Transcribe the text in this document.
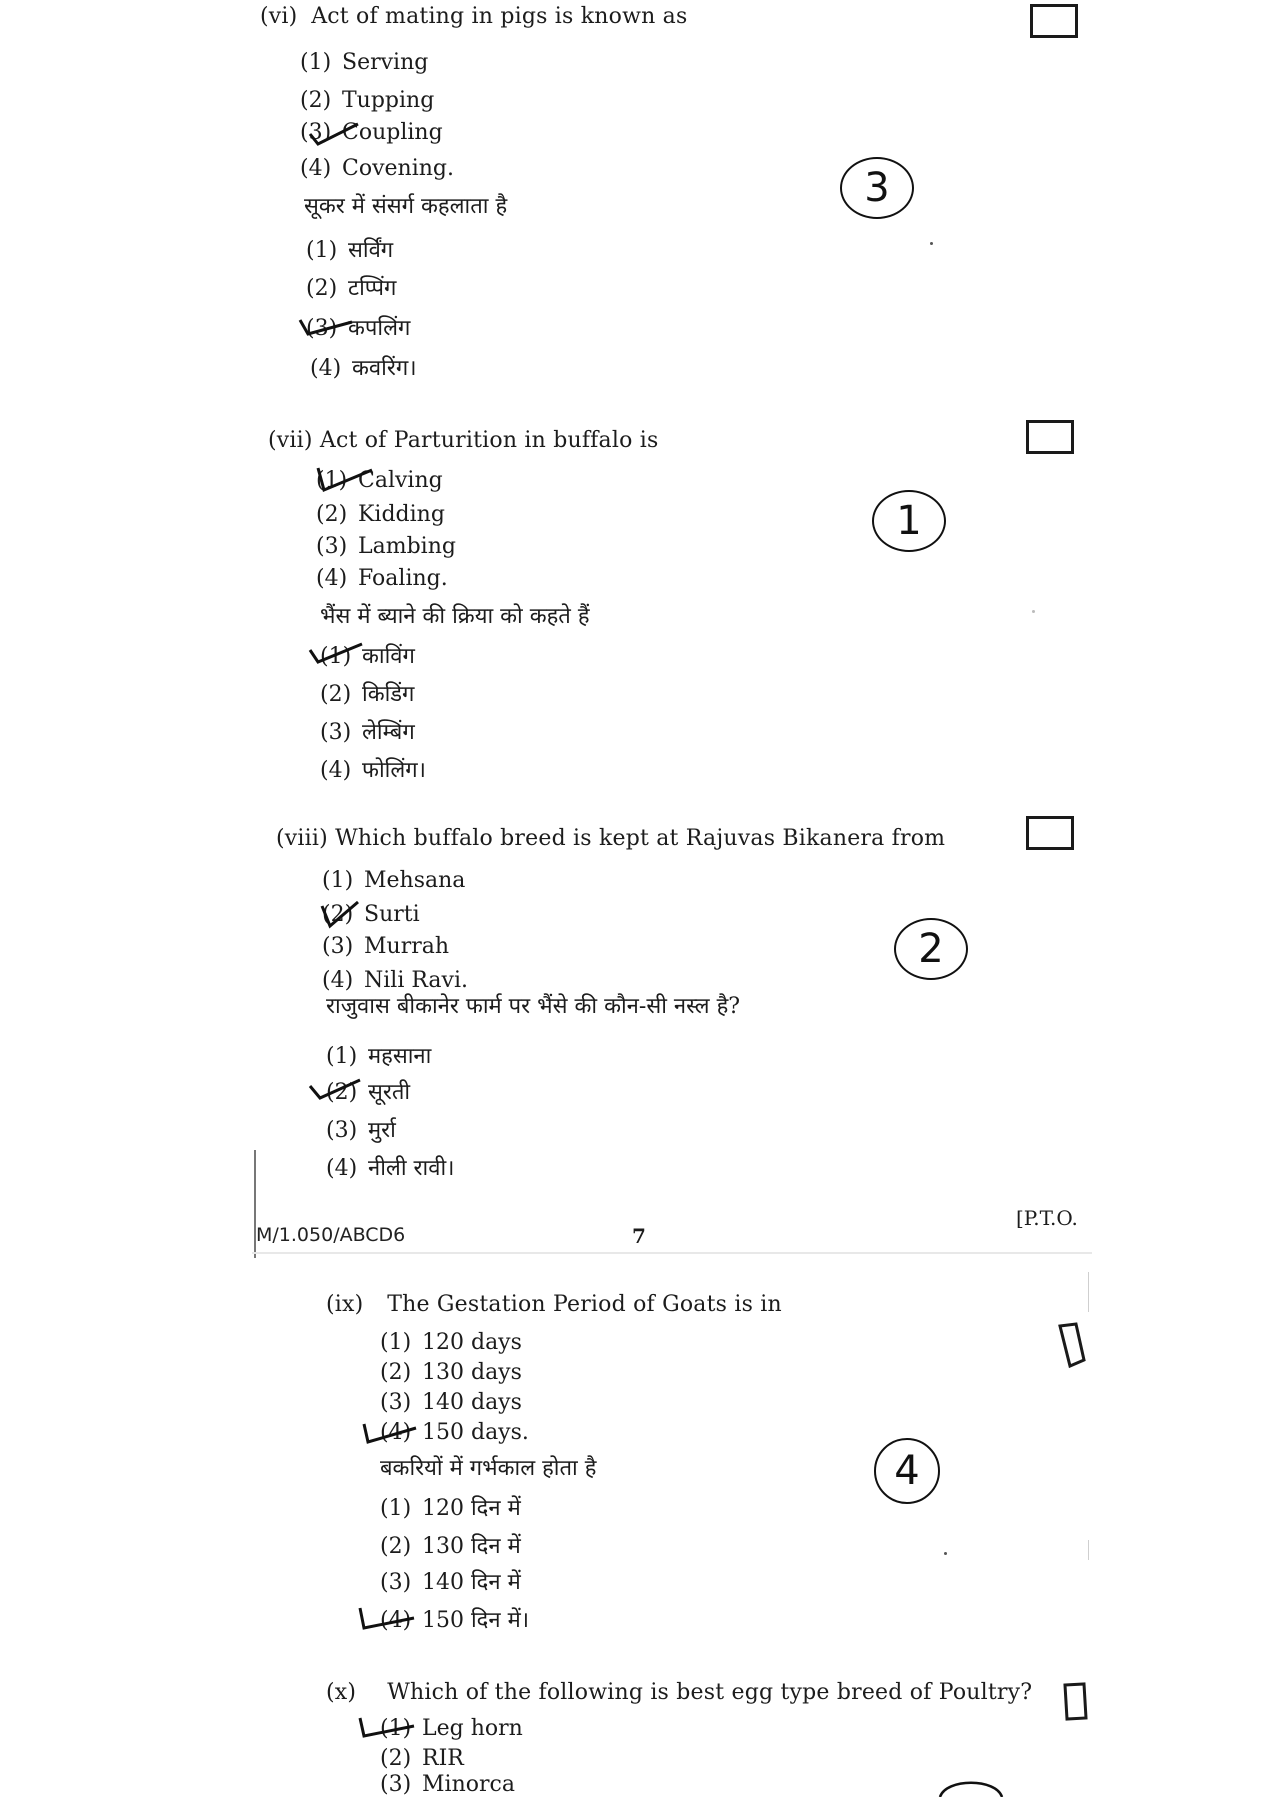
(vi) Act of mating in pigs is known as
(1) Serving
(2) Tupping
(3) Coupling
(4) Covening.
सूकर में संसर्ग कहलाता है
(1) सर्विंग
(2) टप्पिंग
(3) कपलिंग
(4) कवरिंग।
3
(vii) Act of Parturition in buffalo is
(1) Calving
(2) Kidding
(3) Lambing
(4) Foaling.
भैंस में ब्याने की क्रिया को कहते हैं
(1) काविंग
(2) किडिंग
(3) लेम्बिंग
(4) फोलिंग।
1
(viii) Which buffalo breed is kept at Rajuvas Bikanera from
(1) Mehsana
(2) Surti
(3) Murrah
(4) Nili Ravi.
राजुवास बीकानेर फार्म पर भैंसे की कौन-सी नस्ल है?
(1) महसाना
(2) सूरती
(3) मुर्रा
(4) नीली रावी।
2
M/1.050/ABCD6	7
[P.T.O.
(ix) The Gestation Period of Goats is in
(1) 120 days
(2) 130 days
(3) 140 days
(4) 150 days.
बकरियों में गर्भकाल होता है
(1) 120 दिन में
(2) 130 दिन में
(3) 140 दिन में
(4) 150 दिन में।
4
(x) Which of the following is best egg type breed of Poultry?
(1) Leg horn
(2) RIR
(3) Minorca
